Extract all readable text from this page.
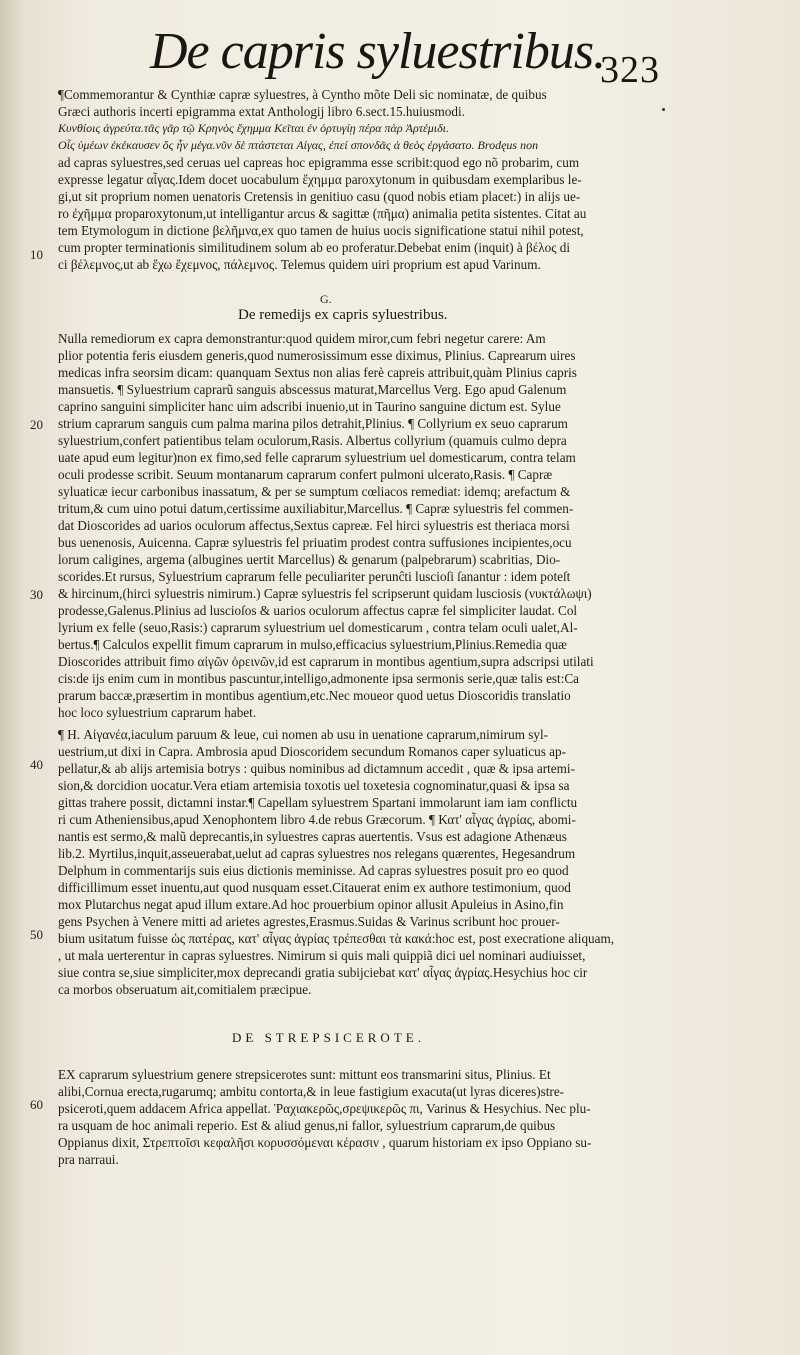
De capris syluestribus.
323
¶Commemorantur & Cynthiæ capræ syluestres, à Cyntho mõte Deli sic nominatæ, de quibus
Græci authoris incerti epigramma extat Anthologij libro 6.sect.15.huiusmodi.
Κυνθίοις ἀγρεύτα.τᾶς γᾶρ τῷ Κρηνὸς ἔχημμα Κεῖται ἐν ὀρτυγίῃ πέρα πὰρ Ἀρτέμιδι.
Οἷς ὑμέων ἐκέκαυσεν ὄς ἦν μέγα.νῦν δὲ πτάστεται Αἰγας, ἐπεί σπονδᾶς ἁ θεὸς ἐργάσατο. Brodęus non
ad capras syluestres,sed ceruas uel capreas hoc epigramma esse scribit:quod ego nõ probarim, cum
expresse legatur αἶγας.Idem docet uocabulum ἔχημμα paroxytonum in quibusdam exemplaribus le-
gi,ut sit proprium nomen uenatoris Cretensis in genitiuo casu (quod nobis etiam placet:) in alijs ue-
ro ἐχῆμμα proparoxytonum,ut intelligantur arcus & sagittæ (πῆμα) animalia petita sistentes. Citat au
tem Etymologum in dictione βελῆμνα,ex quo tamen de huius uocis significatione statui nihil potest,
cum propter terminationis similitudinem solum ab eo proferatur.Debebat enim (inquit) à βέλος di
ci βέλεμνος,ut ab ἔχω ἔχεμνος, πάλεμνος. Telemus quidem uiri proprium est apud Varinum.
G.
De remedijs ex capris syluestribus.
Nulla remediorum ex capra demonstrantur:quod quidem miror,cum febri negetur carere: Am
plior potentia feris eiusdem generis,quod numerosissimum esse diximus, Plinius. Caprearum uires
medicas infra seorsim dicam: quanquam Sextus non alias ferè capreis attribuit,quàm Plinius capris
mansuetis. ¶ Syluestrium caprarũ sanguis abscessus maturat,Marcellus Verg. Ego apud Galenum
caprino sanguini simpliciter hanc uim adscribi inuenio,ut in Taurino sanguine dictum est. Sylue
strium caprarum sanguis cum palma marina pilos detrahit,Plinius. ¶ Collyrium ex seuo caprarum
syluestrium,confert patientibus telam oculorum,Rasis. Albertus collyrium (quamuis culmo depra
uate apud eum legitur)non ex fimo,sed felle caprarum syluestrium uel domesticarum, contra telam
oculi prodesse scribit. Seuum montanarum caprarum confert pulmoni ulcerato,Rasis. ¶ Capræ
syluaticæ iecur carbonibus inassatum, & per se sumptum cœliacos remediat: idemq; arefactum &
tritum,& cum uino potui datum,certissime auxiliabitur,Marcellus. ¶ Capræ syluestris fel commen-
dat Dioscorides ad uarios oculorum affectus,Sextus capreæ. Fel hirci syluestris est theriaca morsi
bus uenenosis, Auicenna. Capræ syluestris fel priuatim prodest contra suffusiones incipientes,ocu
lorum caligines, argema (albugines uertit Marcellus) & genarum (palpebrarum) scabritias, Dio-
scorides.Et rursus, Syluestrium caprarum felle peculiariter perunĉti luscioſi ſanantur : idem poteſt
& hircinum,(hirci syluestris nimirum.) Capræ syluestris fel scripserunt quidam lusciosis (νυκτάλωψι)
prodesse,Galenus.Plinius ad luscioſos & uarios oculorum affectus capræ fel simpliciter laudat. Col
lyrium ex felle (seuo,Rasis:) caprarum syluestrium uel domesticarum , contra telam oculi ualet,Al-
bertus.¶ Calculos expellit fimum caprarum in mulso,efficacius syluestrium,Plinius.Remedia quæ
Dioscorides attribuit fimo αἰγῶν ὀρεινῶν,id est caprarum in montibus agentium,supra adscripsi utilati
cis:de ijs enim cum in montibus pascuntur,intelligo,admonente ipsa sermonis serie,quæ talis est:Ca
prarum baccæ,præsertim in montibus agentium,etc.Nec moueor quod uetus Dioscoridis translatio
hoc loco syluestrium caprarum habet.
¶ H. Αἰγανέα,iaculum paruum & leue, cui nomen ab usu in uenatione caprarum,nimirum syl-
uestrium,ut dixi in Capra. Ambrosia apud Dioscoridem secundum Romanos caper syluaticus ap-
pellatur,& ab alijs artemisia botrys : quibus nominibus ad dictamnum accedit , quæ & ipsa artemi-
sion,& dorcidion uocatur.Vera etiam artemisia toxotis uel toxetesia cognominatur,quasi & ipsa sa
gittas trahere possit, dictamni instar.¶ Capellam syluestrem Spartani immolarunt iam iam conflictu
ri cum Atheniensibus,apud Xenophontem libro 4.de rebus Græcorum. ¶ Κατ' αἶγας ἀγρίας, abomi-
nantis est sermo,& malũ deprecantis,in syluestres capras auertentis. Vsus est adagione Athenæus
lib.2. Myrtilus,inquit,asseuerabat,uelut ad capras syluestres nos relegans quærentes, Hegesandrum
Delphum in commentarijs suis eius dictionis meminisse. Ad capras syluestres posuit pro eo quod
difficillimum esset inuentu,aut quod nusquam esset.Citauerat enim ex authore testimonium, quod
mox Plutarchus negat apud illum extare.Ad hoc prouerbium opinor allusit Apuleius in Asino,fin
gens Psychen à Venere mitti ad arietes agrestes,Erasmus.Suidas & Varinus scribunt hoc prouer-
bium usitatum fuisse ὡς πατέρας, κατ' αἶγας ἀγρίας τρέπεσθαι τὰ κακά:hoc est, post execratione aliquam,
, ut mala uerterentur in capras syluestres. Nimirum si quis mali quippiã dici uel nominari audiuisset,
siue contra se,siue simpliciter,mox deprecandi gratia subijciebat κατ' αἶγας ἀγρίας.Hesychius hoc cir
ca morbos obseruatum ait,comitialem præcipue.
DE STREPSICEROTE.
EX caprarum syluestrium genere strepsicerotes sunt: mittunt eos transmarini situs, Plinius. Et
alibi,Cornua erecta,rugarumq; ambitu contorta,& in leue fastigium exacuta(ut lyras diceres)stre-
psiceroti,quem addacem Africa appellat. Ῥαχιακερῶς,σρεψικερῶς πι, Varinus & Hesychius. Nec plu-
ra usquam de hoc animali reperio. Est & aliud genus,ni fallor, syluestrium caprarum,de quibus
Oppianus dixit, Στρεπτοῖσι κεφαλῆσι κορυσσόμεναι κέρασιν , quarum historiam ex ipso Oppiano su-
pra narraui.
10
20
30
40
50
60
